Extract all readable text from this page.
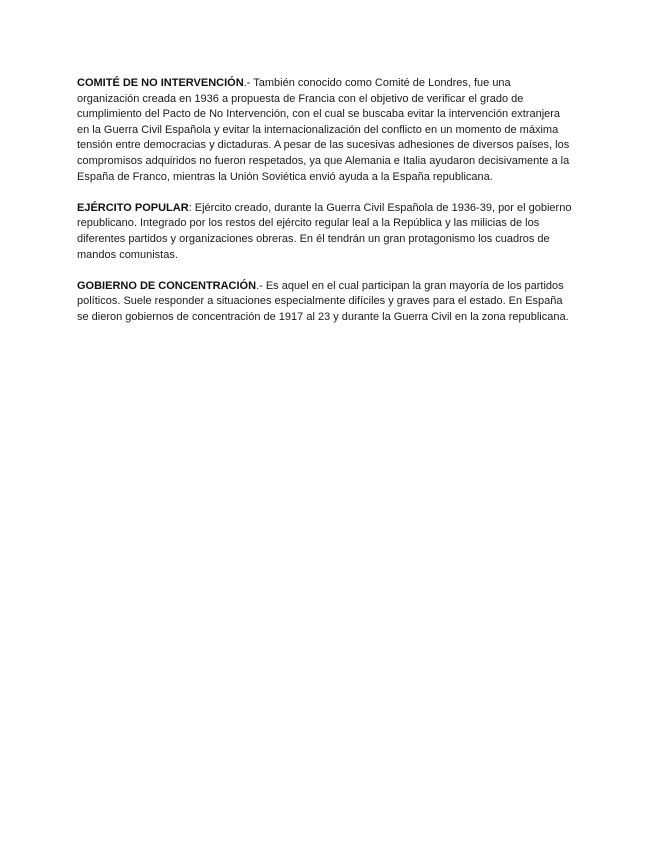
COMITÉ DE NO INTERVENCIÓN.- También conocido como Comité de Londres, fue una organización creada en 1936 a propuesta de Francia con el objetivo de verificar el grado de cumplimiento del Pacto de No Intervención, con el cual se buscaba evitar la intervención extranjera en la Guerra Civil Española y evitar la internacionalización del conflicto en un momento de máxima tensión entre democracias y dictaduras. A pesar de las sucesivas adhesiones de diversos países, los compromisos adquiridos no fueron respetados, ya que Alemania e Italia ayudaron decisivamente a la España de Franco, mientras la Unión Soviética envió ayuda a la España republicana.

EJÉRCITO POPULAR: Ejército creado, durante la Guerra Civil Española de 1936-39, por el gobierno republicano. Integrado por los restos del ejército regular leal a la República y las milicias de los diferentes partidos y organizaciones obreras. En él tendrán un gran protagonismo los cuadros de mandos comunistas.

GOBIERNO DE CONCENTRACIÓN.- Es aquel en el cual participan la gran mayoría de los partidos políticos. Suele responder a situaciones especialmente difíciles y graves para el estado. En España se dieron gobiernos de concentración de 1917 al 23 y durante la Guerra Civil en la zona republicana.
